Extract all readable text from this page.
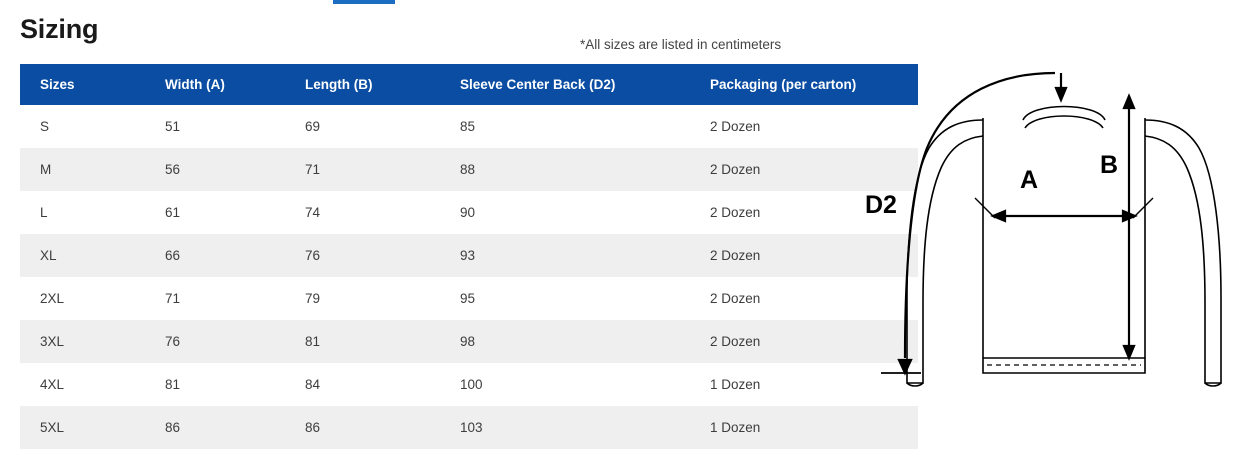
Sizing
*All sizes are listed in centimeters
Sizes	Width (A)	Length (B)	Sleeve Center Back (D2)	Packaging (per carton)
S	51	69	85	2 Dozen
M	56	71	88	2 Dozen
L	61	74	90	2 Dozen
XL	66	76	93	2 Dozen
2XL	71	79	95	2 Dozen
3XL	76	81	98	2 Dozen
4XL	81	84	100	1 Dozen
5XL	86	86	103	1 Dozen
A
B
D2
